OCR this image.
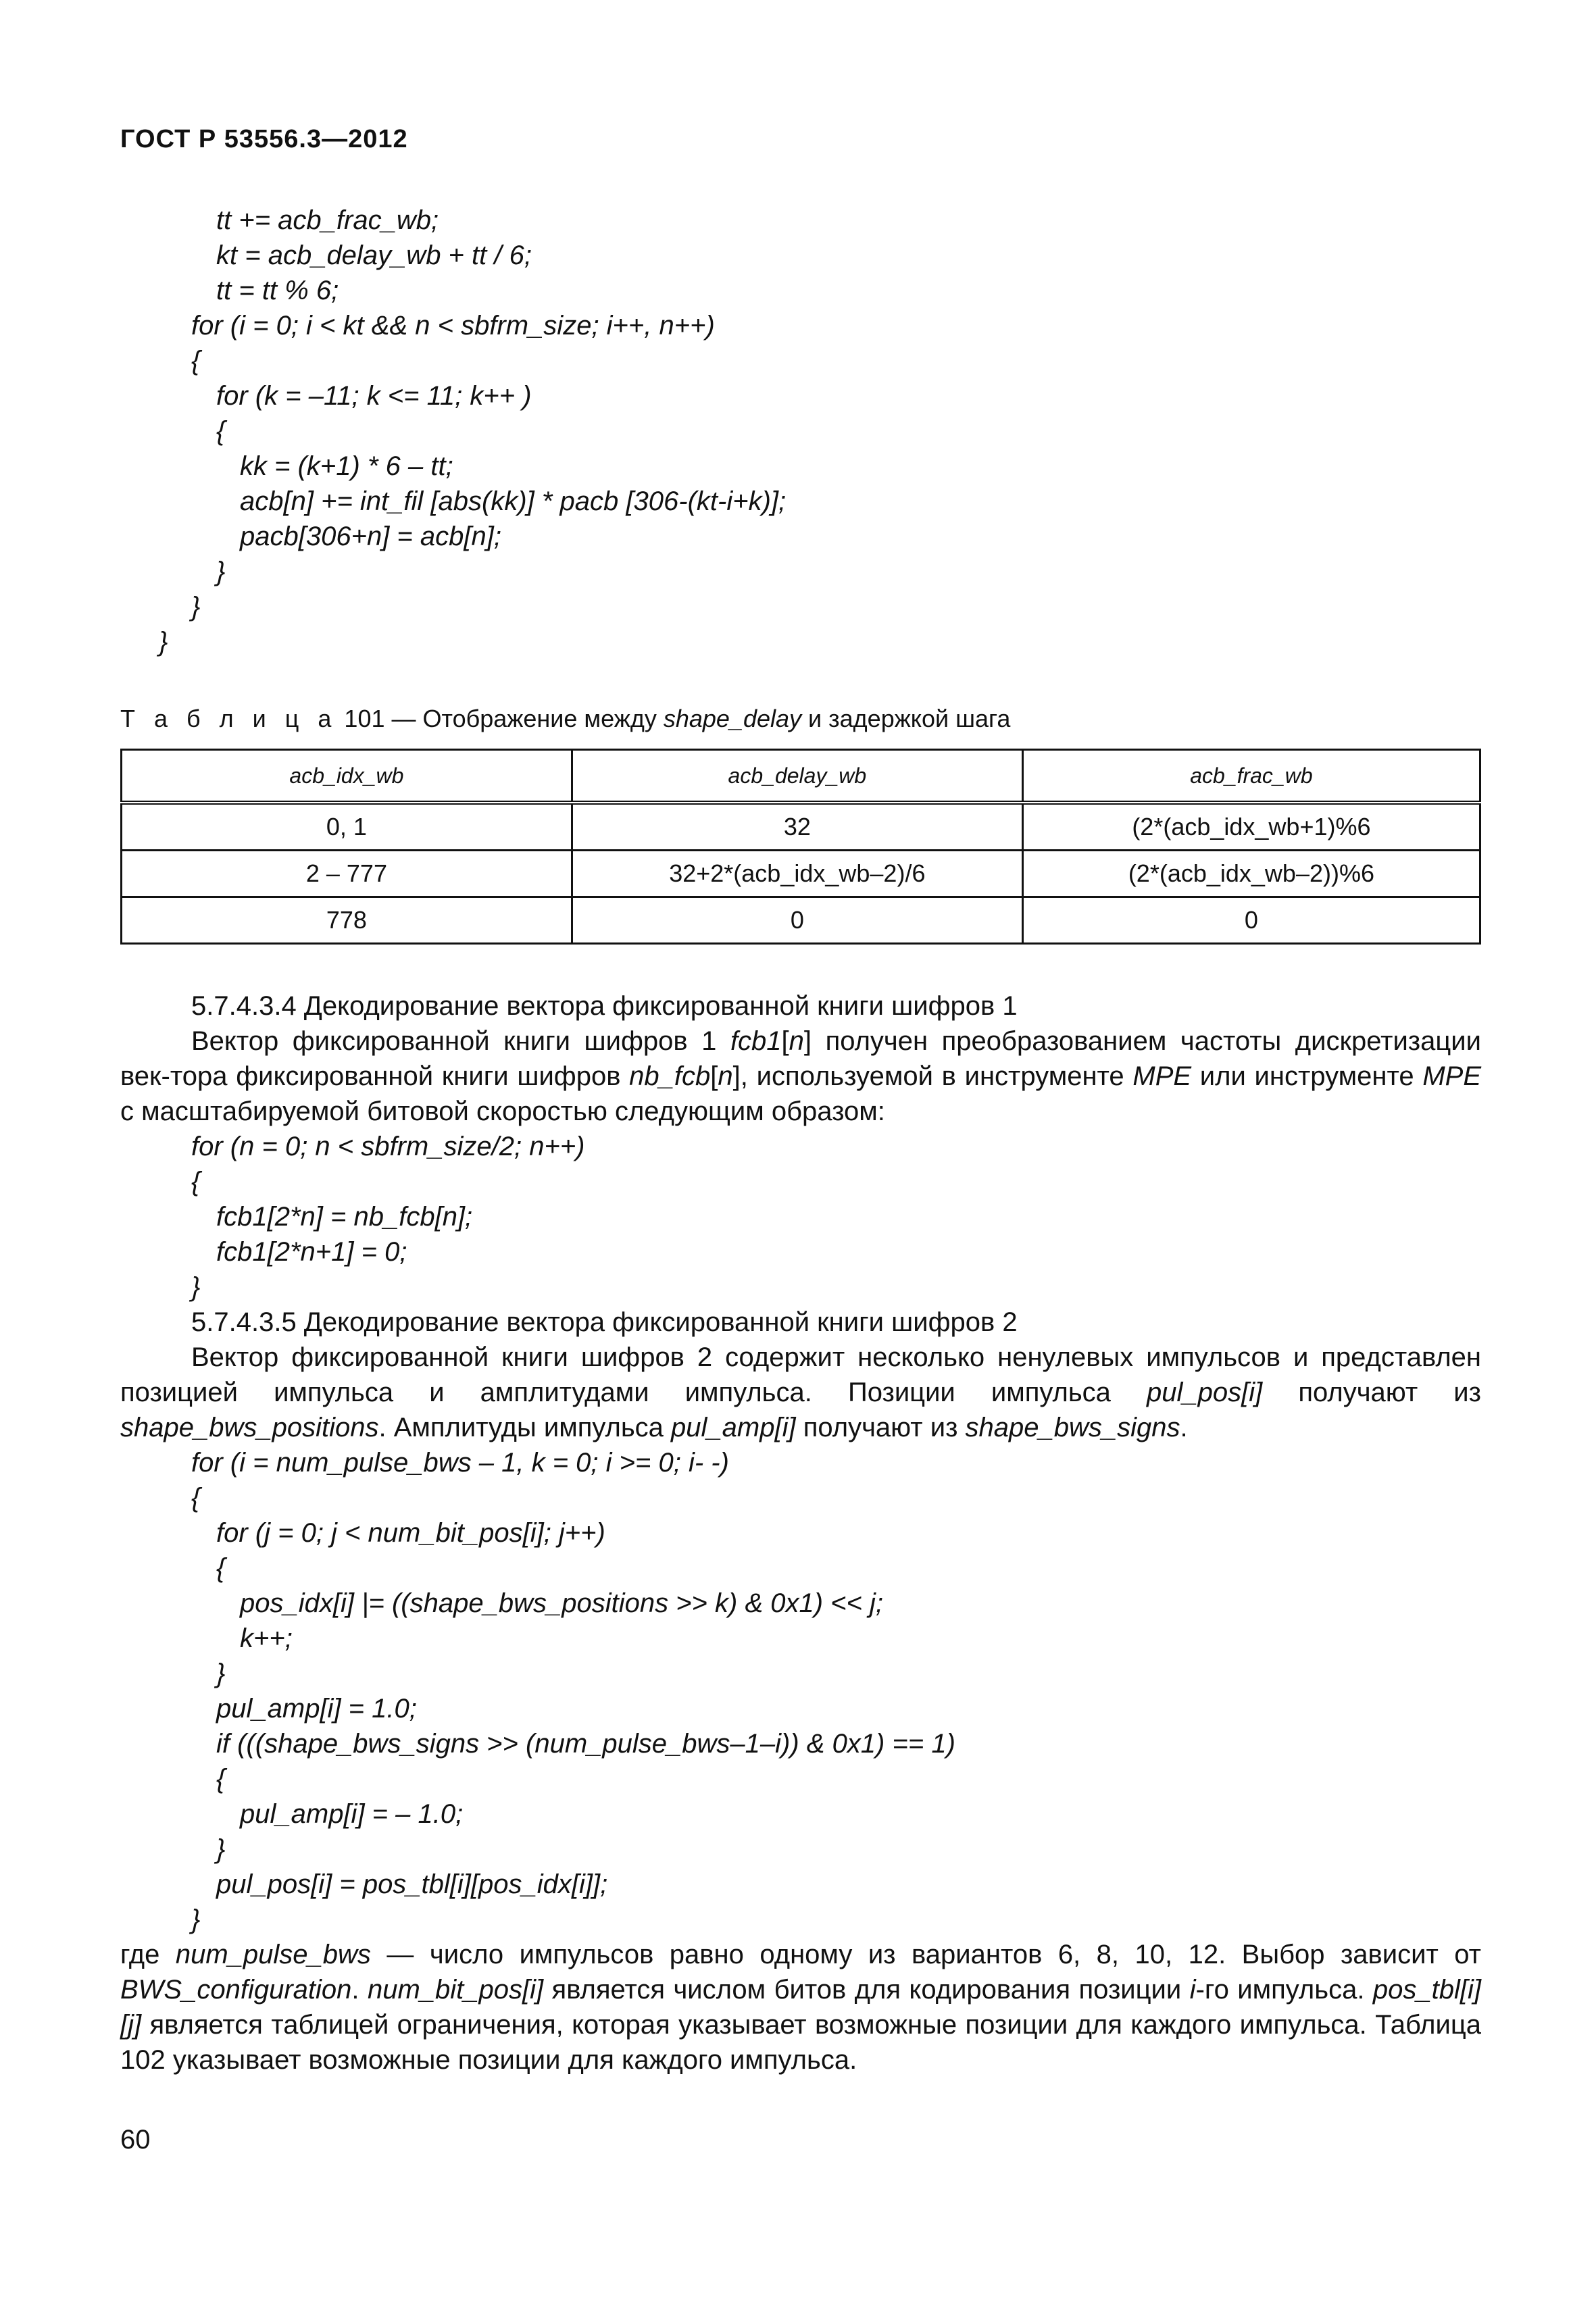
ГОСТ Р 53556.3—2012
tt += acb_frac_wb;
kt = acb_delay_wb + tt / 6;
tt = tt % 6;
for (i = 0; i < kt && n < sbfrm_size; i++, n++)
{
for (k = –11; k <= 11; k++ )
{
kk = (k+1) * 6 – tt;
acb[n] += int_fil [abs(kk)] * pacb [306-(kt-i+k)];
pacb[306+n] = acb[n];
}
}
}
Т а б л и ц а 101 — Отображение между shape_delay и задержкой шага
acb_idx_wb	acb_delay_wb	acb_frac_wb
0, 1	32	(2*(acb_idx_wb+1)%6
2 – 777	32+2*(acb_idx_wb–2)/6	(2*(acb_idx_wb–2))%6
778	0	0
5.7.4.3.4 Декодирование вектора фиксированной книги шифров 1
Вектор фиксированной книги шифров 1 fcb1[n] получен преобразованием частоты дискретизации век-тора фиксированной книги шифров nb_fcb[n], используемой в инструменте MPE или инструменте MPE с масштабируемой битовой скоростью следующим образом:
for (n = 0; n < sbfrm_size/2; n++)
{
fcb1[2*n] = nb_fcb[n];
fcb1[2*n+1] = 0;
}
5.7.4.3.5 Декодирование вектора фиксированной книги шифров 2
Вектор фиксированной книги шифров 2 содержит несколько ненулевых импульсов и представлен позицией импульса и амплитудами импульса. Позиции импульса pul_pos[i] получают из shape_bws_positions. Амплитуды импульса pul_amp[i] получают из shape_bws_signs.
for (i = num_pulse_bws – 1, k = 0; i >= 0; i- -)
{
for (j = 0; j < num_bit_pos[i]; j++)
{
pos_idx[i] |= ((shape_bws_positions >> k) & 0x1) << j;
k++;
}
pul_amp[i] = 1.0;
if (((shape_bws_signs >> (num_pulse_bws–1–i)) & 0x1) == 1)
{
pul_amp[i] = – 1.0;
}
pul_pos[i] = pos_tbl[i][pos_idx[i]];
}
где num_pulse_bws — число импульсов равно одному из вариантов 6, 8, 10, 12. Выбор зависит от BWS_configuration. num_bit_pos[i] является числом битов для кодирования позиции i-го импульса. pos_tbl[i][j] является таблицей ограничения, которая указывает возможные позиции для каждого импульса. Таблица 102 указывает возможные позиции для каждого импульса.
60
